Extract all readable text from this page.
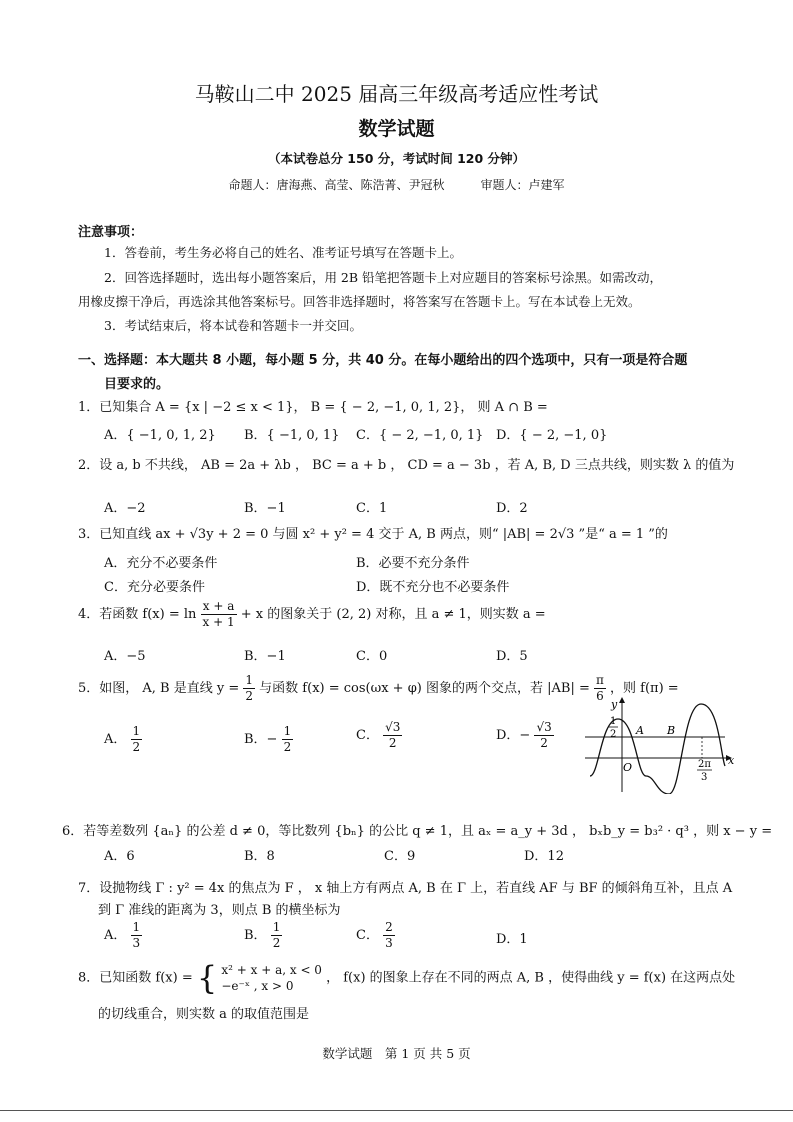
马鞍山二中 2025 届高三年级高考适应性考试
数学试题
（本试卷总分 150 分，考试时间 120 分钟）
命题人：唐海燕、高莹、陈浩菁、尹冠秋　　　审题人：卢建军
注意事项：
1．答卷前，考生务必将自己的姓名、准考证号填写在答题卡上。
2．回答选择题时，选出每小题答案后，用 2B 铅笔把答题卡上对应题目的答案标号涂黑。如需改动，
用橡皮擦干净后，再选涂其他答案标号。回答非选择题时，将答案写在答题卡上。写在本试卷上无效。
3．考试结束后，将本试卷和答题卡一并交回。
一、选择题：本大题共 8 小题，每小题 5 分，共 40 分。在每小题给出的四个选项中，只有一项是符合题
目要求的。
1．已知集合 A = {x | −2 ≤ x < 1}， B = { − 2, −1, 0, 1, 2}， 则 A ∩ B =
A．{ −1, 0, 1, 2} B．{ −1, 0, 1} C．{ − 2, −1, 0, 1} D．{ − 2, −1, 0}
2．设 a, b 不共线， AB = 2a + λb ， BC = a + b ， CD = a − 3b ，若 A, B, D 三点共线，则实数 λ 的值为
A．−2	B．−1	C．1	D．2
3．已知直线 ax + √3y + 2 = 0 与圆 x² + y² = 4 交于 A, B 两点，则“ |AB| = 2√3 ”是“ a = 1 ”的
A．充分不必要条件	B．必要不充分条件
C．充分必要条件	D．既不充分也不必要条件
4．若函数 $f(x) = \ln \frac{x + a}{x + 1} + x$ 的图象关于 (2, 2) 对称，且 a ≠ 1，则实数 a =
A．−5	B．−1	C．0	D．5
5．如图， A, B 是直线 $y = \frac{1}{2}$ 与函数 f(x) = cos(ωx + φ) 图象的两个交点，若 $|AB| = \frac{\pi}{6}$ ，则 f(π) =
A． $\frac{1}{2}$	B．− $\frac{1}{2}$	C． $\frac{√3}{2}$	D．− $\frac{√3}{2}$
y
x
O
A B
1
2
2π
3
6．若等差数列 {aₙ} 的公差 d ≠ 0，等比数列 {bₙ} 的公比 q ≠ 1，且 aₓ = a_y + 3d ， bₓb_y = b₃² · q³ ，则 x − y =
A．6	B．8	C．9	D．12
7．设抛物线 Γ : y² = 4x 的焦点为 F ， x 轴上方有两点 A, B 在 Γ 上，若直线 AF 与 BF 的倾斜角互补，且点 A
到 Γ 准线的距离为 3，则点 B 的横坐标为
A． $\frac{1}{3}$	B． $\frac{1}{2}$	C． $\frac{2}{3}$	D．1
8．已知函数 f(x) = { x² + x + a, x < 0
−e⁻ˣ , x > 0
， f(x) 的图象上存在不同的两点 A, B ，使得曲线 y = f(x) 在这两点处
的切线重合，则实数 a 的取值范围是
数学试题　第 1 页 共 5 页
